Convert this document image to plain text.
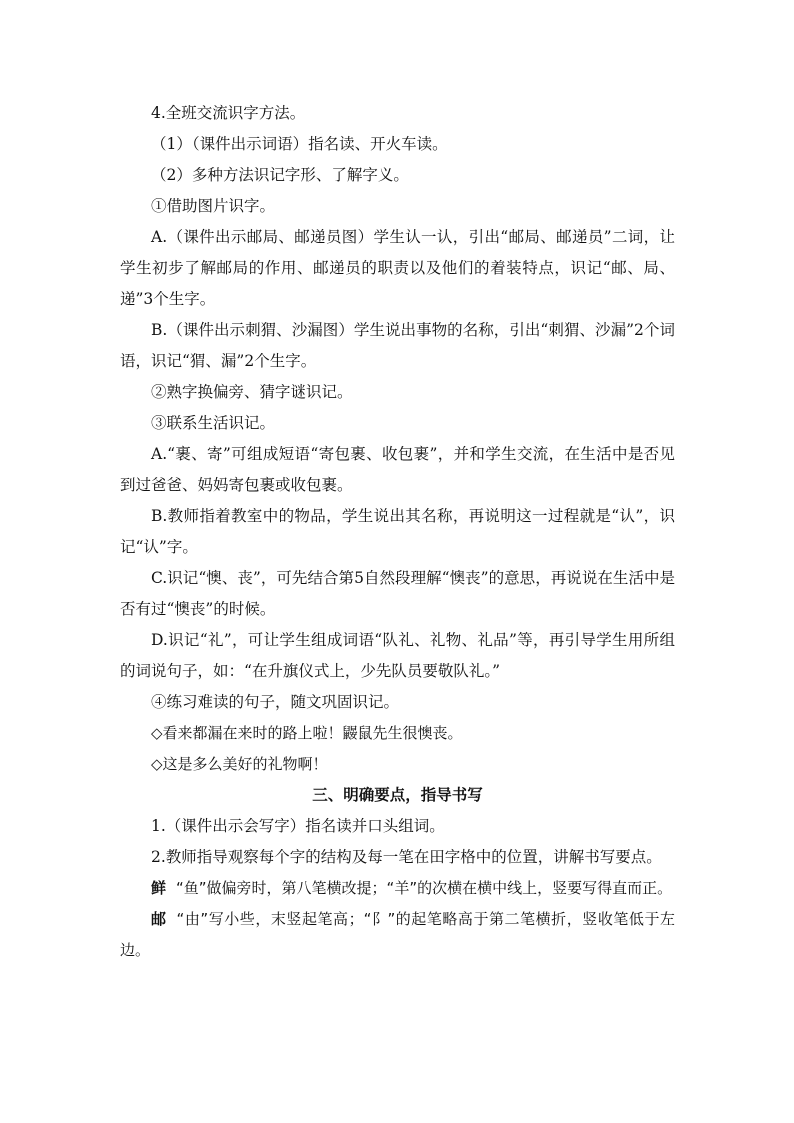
4.全班交流识字方法。

（1）（课件出示词语）指名读、开火车读。

（2）多种方法识记字形、了解字义。

①借助图片识字。

A.（课件出示邮局、邮递员图）学生认一认，引出“邮局、邮递员”二词，让学生初步了解邮局的作用、邮递员的职责以及他们的着装特点，识记“邮、局、递”3个生字。

B.（课件出示刺猬、沙漏图）学生说出事物的名称，引出“刺猬、沙漏”2个词语，识记“猬、漏”2个生字。

②熟字换偏旁、猜字谜识记。

③联系生活识记。

A.“裹、寄”可组成短语“寄包裹、收包裹”，并和学生交流，在生活中是否见到过爸爸、妈妈寄包裹或收包裹。

B.教师指着教室中的物品，学生说出其名称，再说明这一过程就是“认”，识记“认”字。

C.识记“懊、丧”，可先结合第5自然段理解“懊丧”的意思，再说说在生活中是否有过“懊丧”的时候。

D.识记“礼”，可让学生组成词语“队礼、礼物、礼品”等，再引导学生用所组的词说句子，如：“在升旗仪式上，少先队员要敬队礼。”

④练习难读的句子，随文巩固识记。

◇看来都漏在来时的路上啦！鼹鼠先生很懊丧。

◇这是多么美好的礼物啊！

三、明确要点，指导书写

1.（课件出示会写字）指名读并口头组词。

2.教师指导观察每个字的结构及每一笔在田字格中的位置，讲解书写要点。

鲜 “鱼”做偏旁时，第八笔横改提；“羊”的次横在横中线上，竖要写得直而正。

邮 “由”写小些，末竖起笔高；“阝”的起笔略高于第二笔横折，竖收笔低于左边。
